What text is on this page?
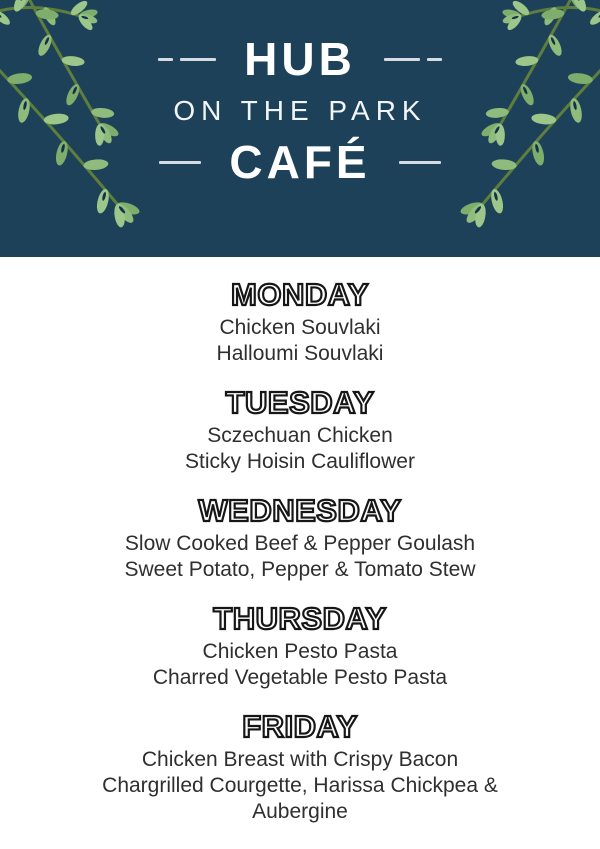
HUB
ON THE PARK
CAFÉ
MONDAY

Chicken Souvlaki

Halloumi Souvlaki

TUESDAY

Sczechuan Chicken

Sticky Hoisin Cauliflower

WEDNESDAY

Slow Cooked Beef & Pepper Goulash

Sweet Potato, Pepper & Tomato Stew

THURSDAY

Chicken Pesto Pasta

Charred Vegetable Pesto Pasta

FRIDAY

Chicken Breast with Crispy Bacon

Chargrilled Courgette, Harissa Chickpea & Aubergine
